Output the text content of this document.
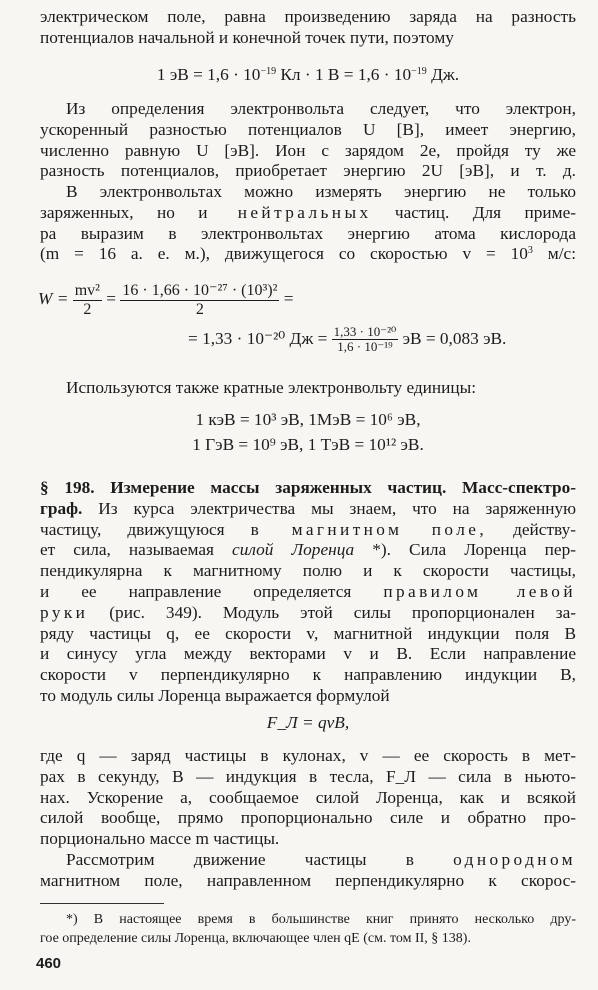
электрическом поле, равна произведению заряда на разность
потенциалов начальной и конечной точек пути, поэтому
1 эВ = $1,6 \cdot 10^{-19}$ Кл · 1 $В = 1,6 \cdot 10^{-19}$ Дж.
Из определения электронвольта следует, что электрон,
ускоренный разностью потенциалов U [В], имеет энергию,
численно равную U [эВ]. Ион с зарядом 2e, пройдя ту же
разность потенциалов, приобретает энергию 2U [эВ], и т. д.
В электронвольтах можно измерять энергию не только
заряженных, но и нейтральных частиц. Для приме-
ра выразим в электронвольтах энергию атома кислорода
(m = 16 а. е. м.), движущегося со скоростью $v = 10^3$ м/с:
$W = \frac{\text{mv²}}{2} = \frac{\text{16 · 1,66 · 10⁻²⁷ · (10³)²}}{2}$ =
= 1,33 · 10⁻²⁰ Дж = $\frac{\text{1,33 · 10⁻²⁰}}{\text{1,6 · 10⁻¹⁹}}$ эВ = 0,083 эВ.
Используются также кратные электронвольту единицы:
1 кэВ = 10³ эВ, 1МэВ = 10⁶ эВ,
1 ГэВ = 10⁹ эВ, 1 ТэВ = 10¹² эВ.
§ 198. Измерение массы заряженных частиц. Масс-спектро-
граф. Из курса электричества мы знаем, что на заряженную
частицу, движущуюся в магнитном поле, действу-
ет сила, называемая силой Лоренца *). Сила Лоренца пер-
пендикулярна к магнитному полю и к скорости частицы,
и ее направление определяется правилом левой
руки (рис. 349). Модуль этой силы пропорционален за-
ряду частицы q, ее скорости v, магнитной индукции поля B
и синусу угла между векторами v и B. Если направление
скорости v перпендикулярно к направлению индукции B,
то модуль силы Лоренца выражается формулой
F_Л = qvB,
где q — заряд частицы в кулонах, v — ее скорость в мет-
рах в секунду, B — индукция в тесла, F_Л — сила в ньюто-
нах. Ускорение a, сообщаемое силой Лоренца, как и всякой
силой вообще, прямо пропорционально силе и обратно про-
порционально массе m частицы.
Рассмотрим движение частицы в однородном
магнитном поле, направленном перпендикулярно к скорос-
*) В настоящее время в большинстве книг принято несколько дру-
гое определение силы Лоренца, включающее член qE (см. том II, § 138).
460
